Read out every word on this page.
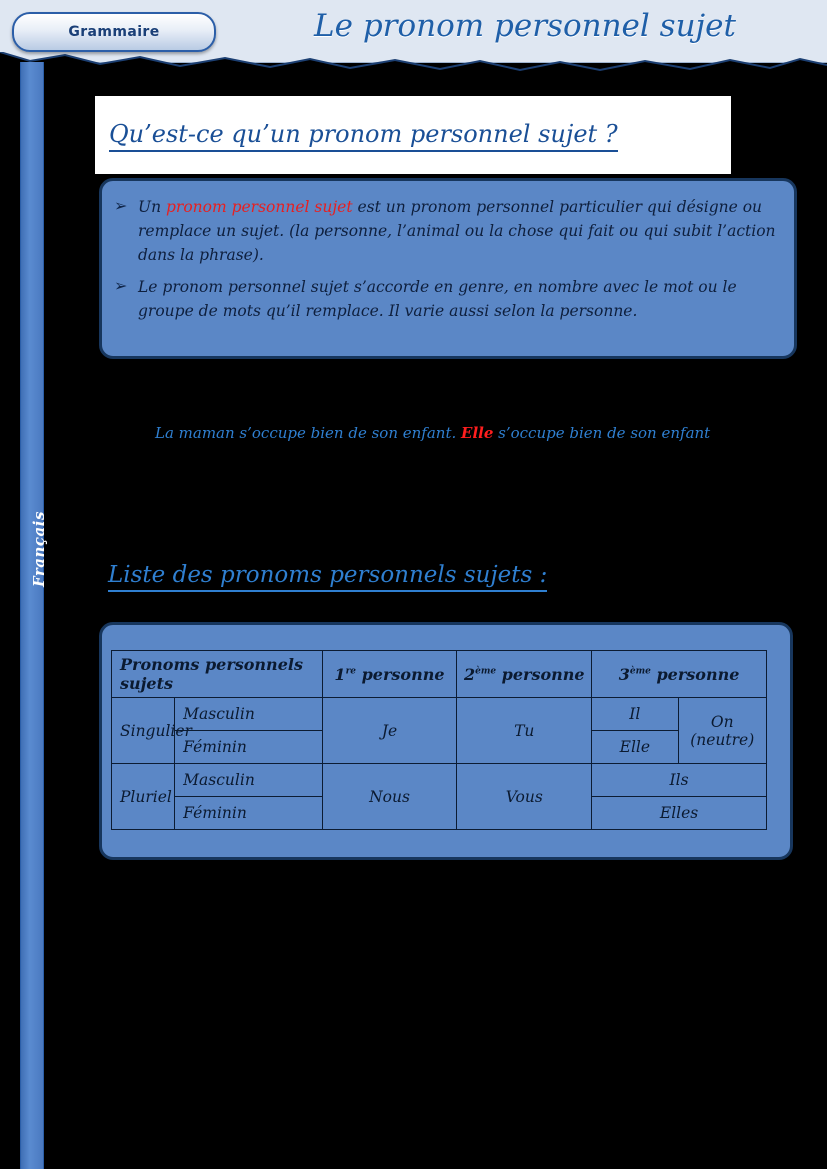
Grammaire	Le pronom personnel sujet
Français
Qu’est-ce qu’un pronom personnel sujet ?
➢ Un pronom personnel sujet est un pronom personnel particulier qui désigne ou remplace un sujet. (la personne, l’animal ou la chose qui fait ou qui subit l’action dans la phrase).
➢ Le pronom personnel sujet s’accorde en genre, en nombre avec le mot ou le groupe de mots qu’il remplace. Il varie aussi selon la personne.
La maman s’occupe bien de son enfant. Elle s’occupe bien de son enfant
Liste des pronoms personnels sujets :
Pronoms personnels sujets		1re personne	2ème personne	3ème personne	
Singulier	Masculin	Je	Tu	Il	On (neutre)
	Féminin			Elle	
Pluriel	Masculin	Nous	Vous	Ils	
	Féminin			Elles	
